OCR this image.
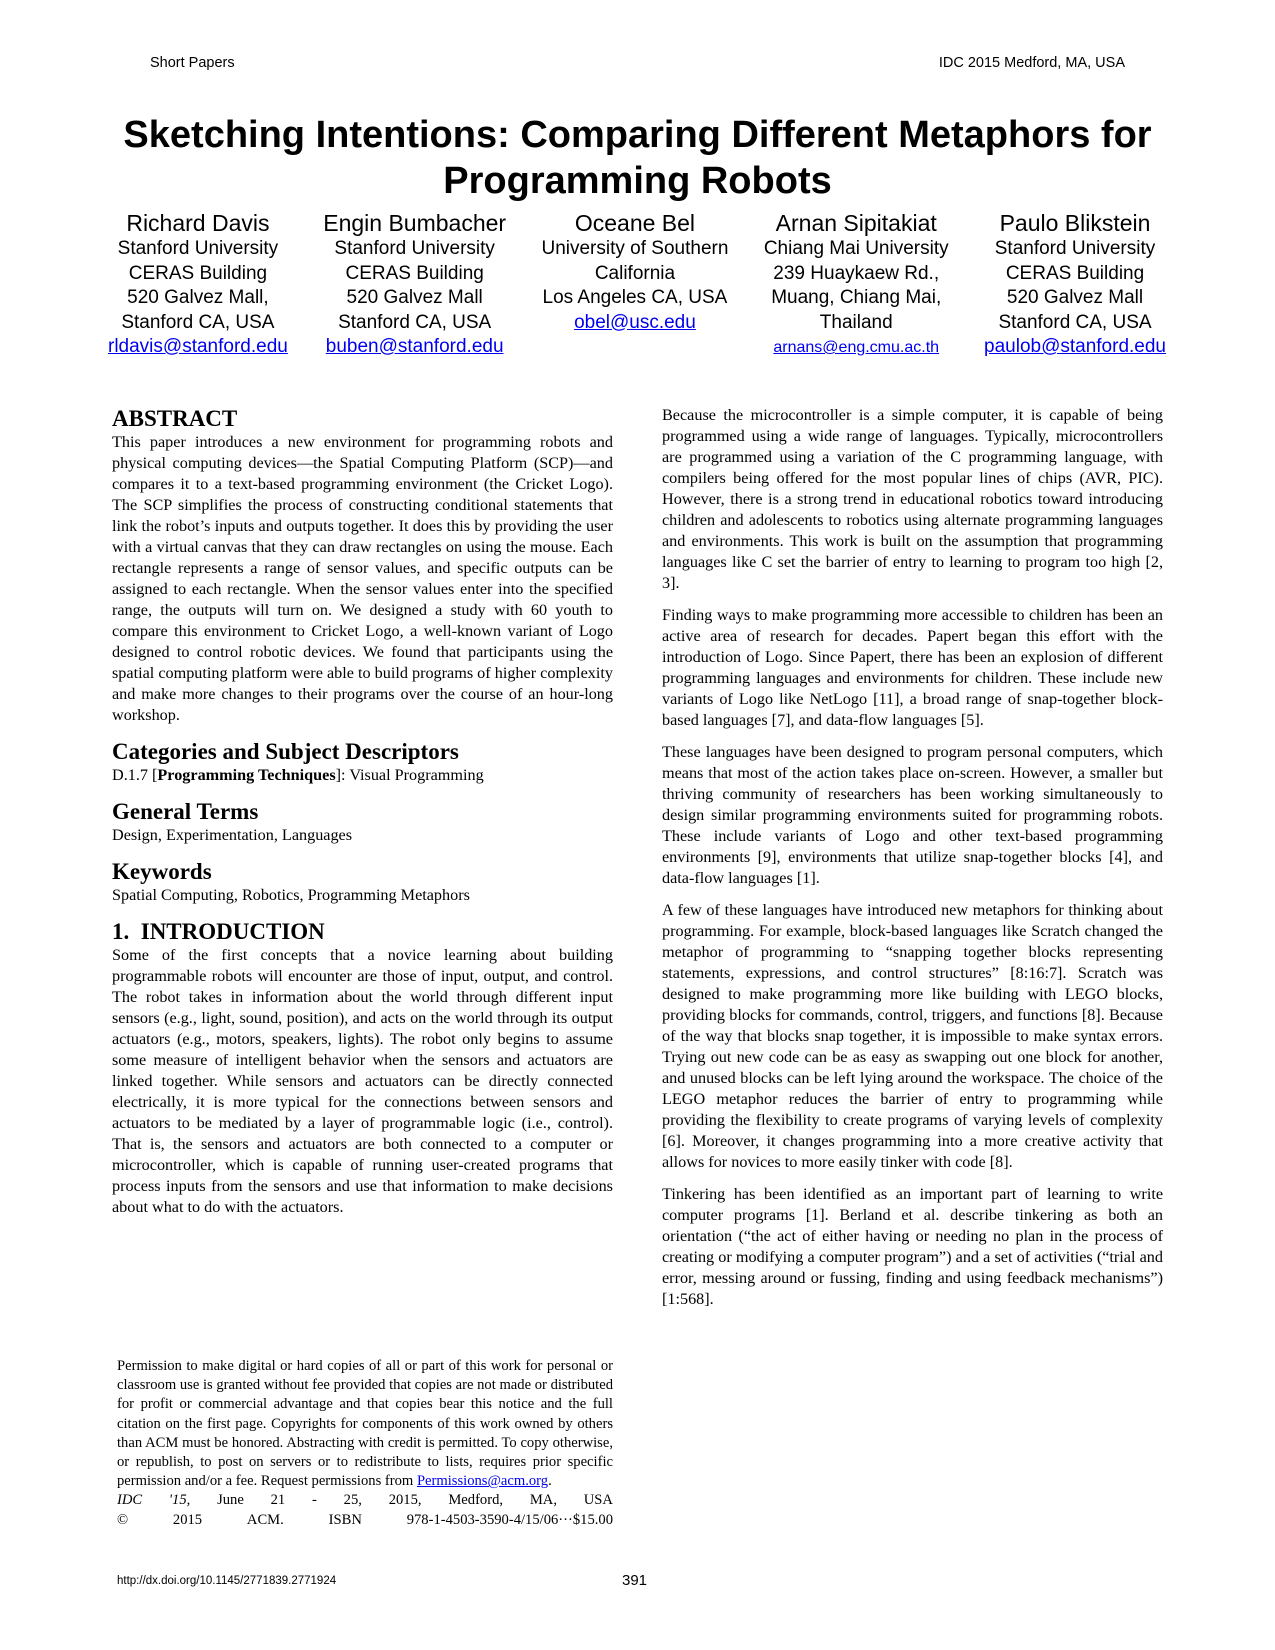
Short Papers	IDC 2015 Medford, MA, USA
Sketching Intentions: Comparing Different Metaphors for
Programming Robots
Richard Davis
Stanford University
CERAS Building
520 Galvez Mall,
Stanford CA, USA
rldavis@stanford.edu
Engin Bumbacher
Stanford University
CERAS Building
520 Galvez Mall
Stanford CA, USA
buben@stanford.edu
Oceane Bel
University of Southern
California
Los Angeles CA, USA
obel@usc.edu
Arnan Sipitakiat
Chiang Mai University
239 Huaykaew Rd.,
Muang, Chiang Mai,
Thailand
arnans@eng.cmu.ac.th
Paulo Blikstein
Stanford University
CERAS Building
520 Galvez Mall
Stanford CA, USA
paulob@stanford.edu
ABSTRACT

This paper introduces a new environment for programming robots and physical computing devices—the Spatial Computing Platform (SCP)—and compares it to a text-based programming environment (the Cricket Logo). The SCP simplifies the process of constructing conditional statements that link the robot’s inputs and outputs together. It does this by providing the user with a virtual canvas that they can draw rectangles on using the mouse. Each rectangle represents a range of sensor values, and specific outputs can be assigned to each rectangle. When the sensor values enter into the specified range, the outputs will turn on. We designed a study with 60 youth to compare this environment to Cricket Logo, a well-known variant of Logo designed to control robotic devices. We found that participants using the spatial computing platform were able to build programs of higher complexity and make more changes to their programs over the course of an hour-long workshop.

Categories and Subject Descriptors

D.1.7 [Programming Techniques]: Visual Programming

General Terms

Design, Experimentation, Languages

Keywords

Spatial Computing, Robotics, Programming Metaphors

1.  INTRODUCTION

Some of the first concepts that a novice learning about building programmable robots will encounter are those of input, output, and control. The robot takes in information about the world through different input sensors (e.g., light, sound, position), and acts on the world through its output actuators (e.g., motors, speakers, lights). The robot only begins to assume some measure of intelligent behavior when the sensors and actuators are linked together. While sensors and actuators can be directly connected electrically, it is more typical for the connections between sensors and actuators to be mediated by a layer of programmable logic (i.e., control). That is, the sensors and actuators are both connected to a computer or microcontroller, which is capable of running user-created programs that process inputs from the sensors and use that information to make decisions about what to do with the actuators.

Permission to make digital or hard copies of all or part of this work for personal or classroom use is granted without fee provided that copies are not made or distributed for profit or commercial advantage and that copies bear this notice and the full citation on the first page. Copyrights for components of this work owned by others than ACM must be honored. Abstracting with credit is permitted. To copy otherwise, or republish, to post on servers or to redistribute to lists, requires prior specific permission and/or a fee. Request permissions from Permissions@acm.org.

IDC '15, June 21 - 25, 2015, Medford, MA, USA
©	2015	ACM.	ISBN	978-1-4503-3590-4/15/06···$15.00
http://dx.doi.org/10.1145/2771839.2771924	391

Because the microcontroller is a simple computer, it is capable of being programmed using a wide range of languages. Typically, microcontrollers are programmed using a variation of the C programming language, with compilers being offered for the most popular lines of chips (AVR, PIC). However, there is a strong trend in educational robotics toward introducing children and adolescents to robotics using alternate programming languages and environments. This work is built on the assumption that programming languages like C set the barrier of entry to learning to program too high [2, 3].

Finding ways to make programming more accessible to children has been an active area of research for decades. Papert began this effort with the introduction of Logo. Since Papert, there has been an explosion of different programming languages and environments for children. These include new variants of Logo like NetLogo [11], a broad range of snap-together block-based languages [7], and data-flow languages [5].

These languages have been designed to program personal computers, which means that most of the action takes place on-screen. However, a smaller but thriving community of researchers has been working simultaneously to design similar programming environments suited for programming robots. These include variants of Logo and other text-based programming environments [9], environments that utilize snap-together blocks [4], and data-flow languages [1].

A few of these languages have introduced new metaphors for thinking about programming. For example, block-based languages like Scratch changed the metaphor of programming to “snapping together blocks representing statements, expressions, and control structures” [8:16:7]. Scratch was designed to make programming more like building with LEGO blocks, providing blocks for commands, control, triggers, and functions [8]. Because of the way that blocks snap together, it is impossible to make syntax errors. Trying out new code can be as easy as swapping out one block for another, and unused blocks can be left lying around the workspace. The choice of the LEGO metaphor reduces the barrier of entry to programming while providing the flexibility to create programs of varying levels of complexity [6]. Moreover, it changes programming into a more creative activity that allows for novices to more easily tinker with code [8].

Tinkering has been identified as an important part of learning to write computer programs [1]. Berland et al. describe tinkering as both an orientation (“the act of either having or needing no plan in the process of creating or modifying a computer program”) and a set of activities (“trial and error, messing around or fussing, finding and using feedback mechanisms”) [1:568].
